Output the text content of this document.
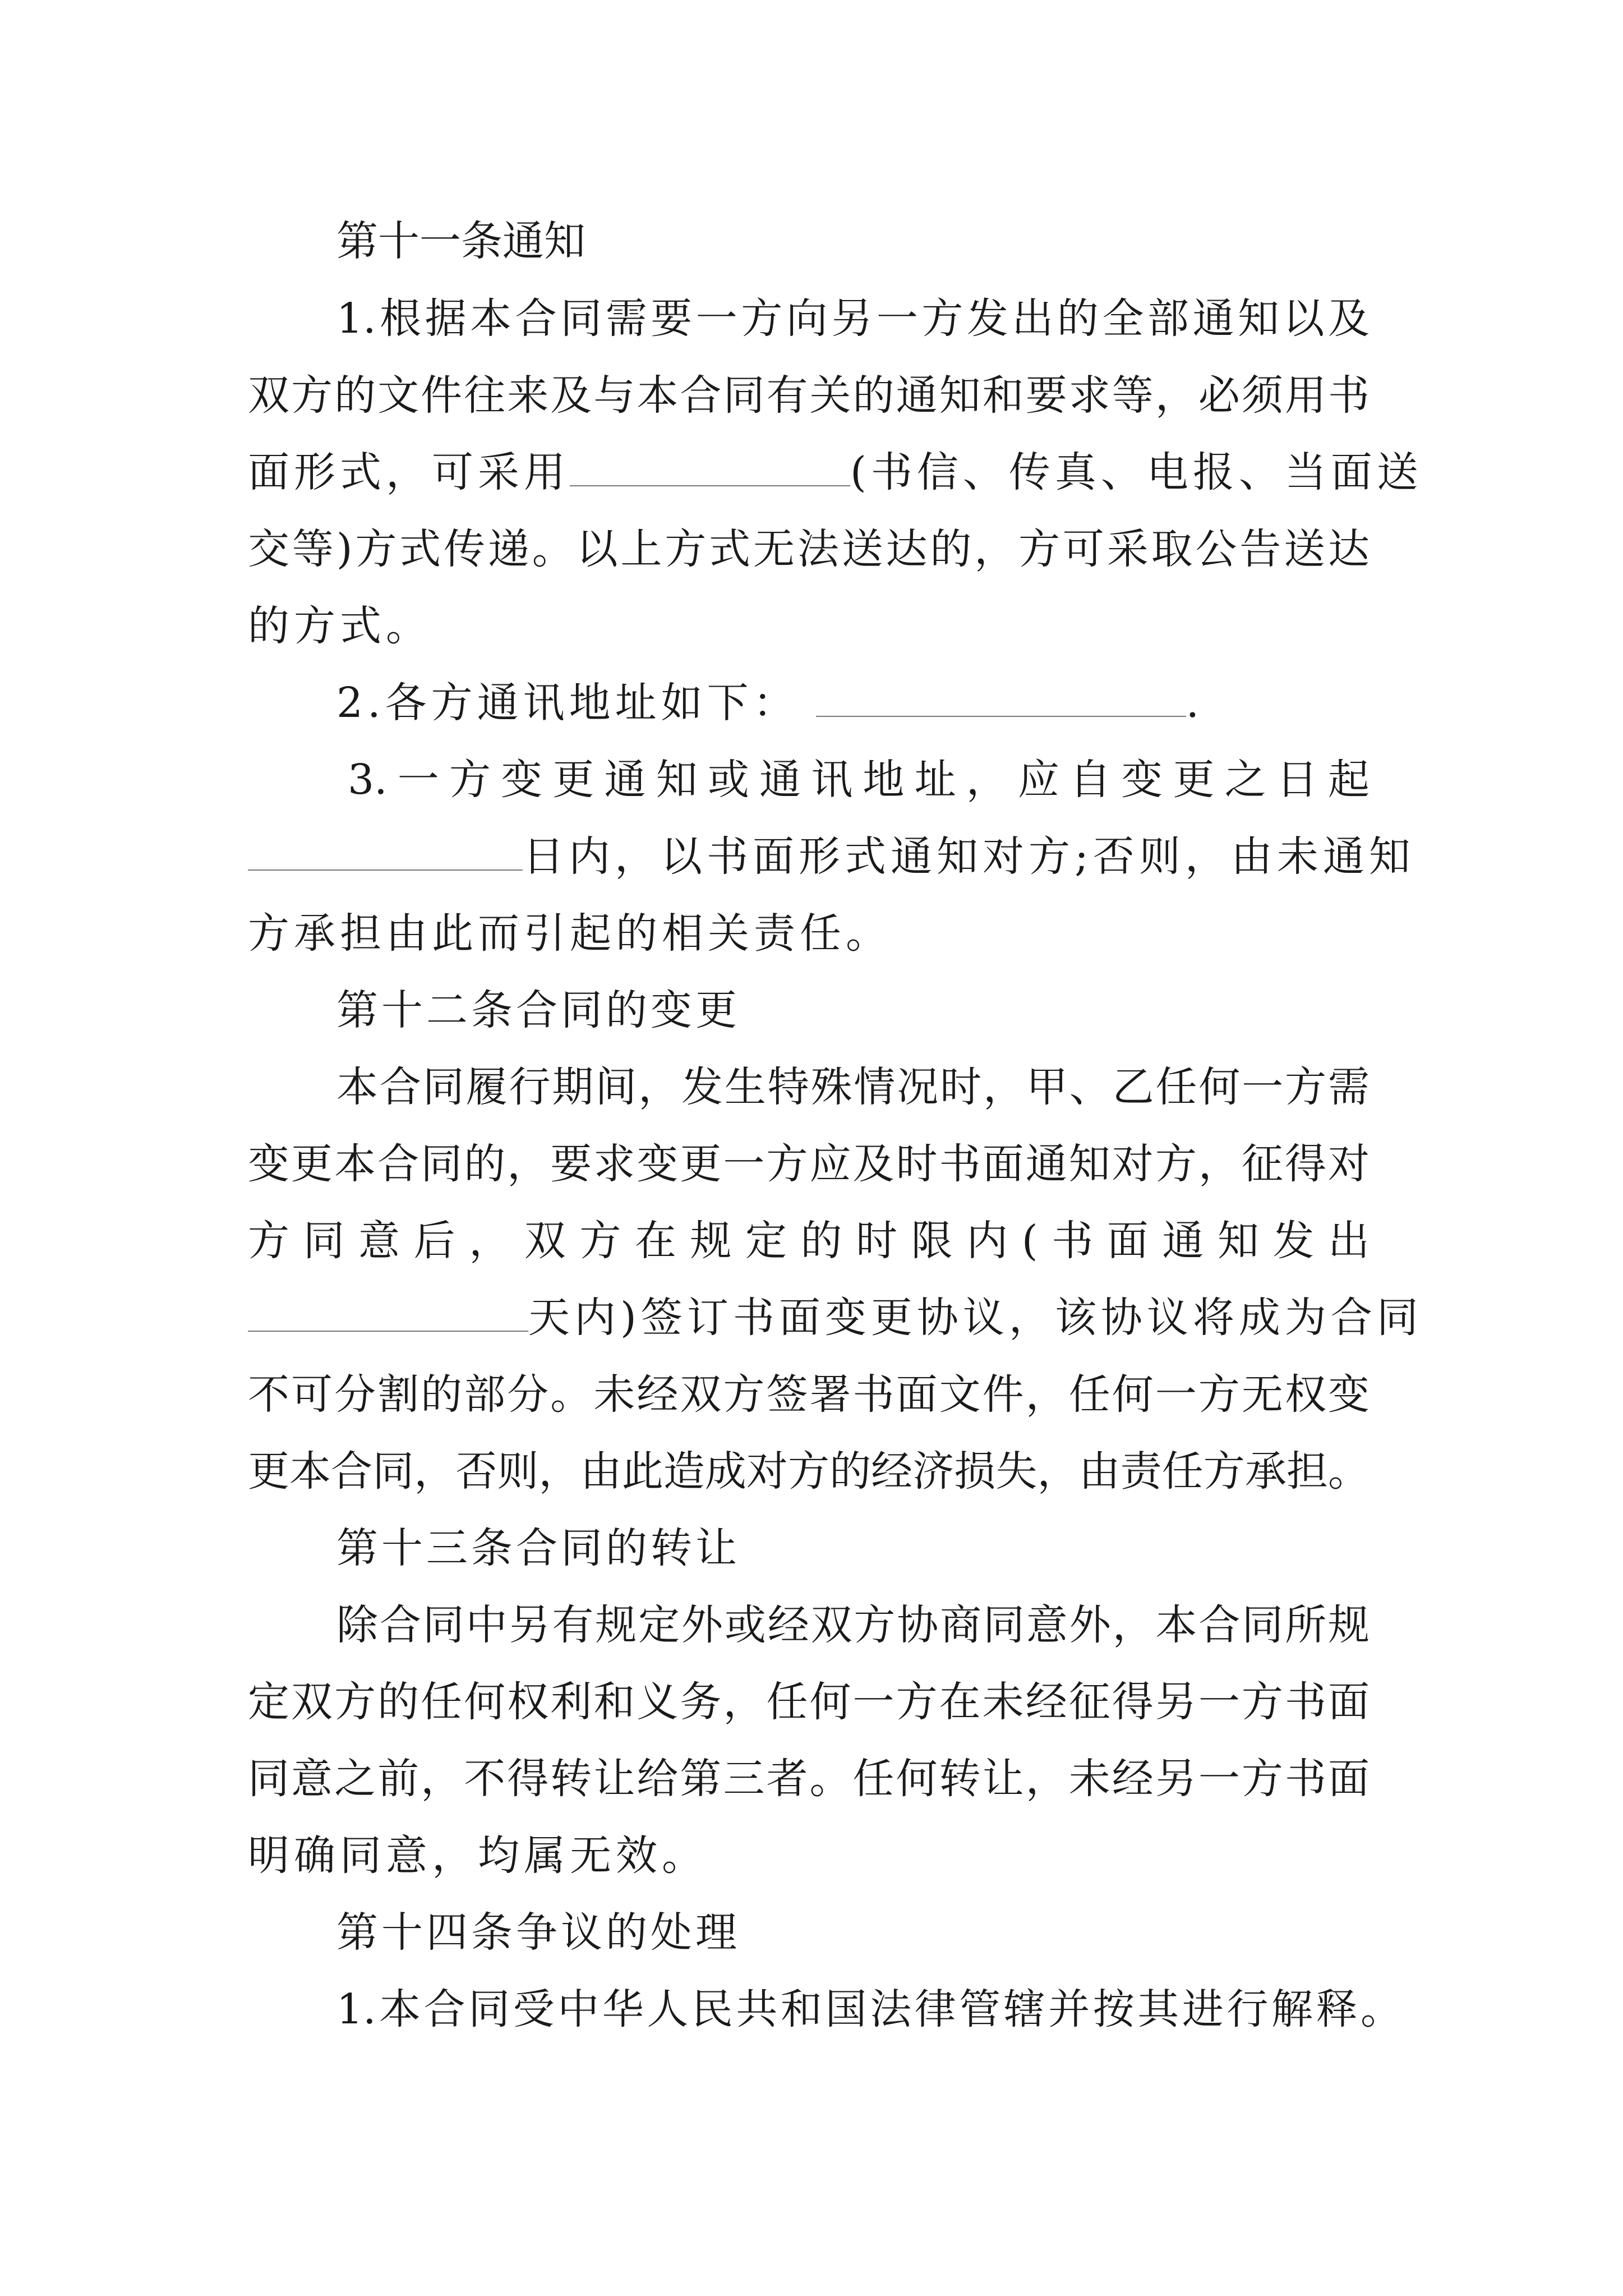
第十一条通知
1.根据本合同需要一方向另一方发出的全部通知以及
双方的文件往来及与本合同有关的通知和要求等，必须用书
面形式，可采用	(书信、传真、电报、当面送
交等)方式传递。以上方式无法送达的，方可采取公告送达
的方式。
2.各方通讯地址如下：	.
3.一方变更通知或通讯地址，应自变更之日起
日内，以书面形式通知对方;否则，由未通知
方承担由此而引起的相关责任。
第十二条合同的变更
本合同履行期间，发生特殊情况时，甲、乙任何一方需
变更本合同的，要求变更一方应及时书面通知对方，征得对
方同意后，双方在规定的时限内(书面通知发出
天内)签订书面变更协议，该协议将成为合同
不可分割的部分。未经双方签署书面文件，任何一方无权变
更本合同，否则，由此造成对方的经济损失，由责任方承担。
第十三条合同的转让
除合同中另有规定外或经双方协商同意外，本合同所规
定双方的任何权利和义务，任何一方在未经征得另一方书面
同意之前，不得转让给第三者。任何转让，未经另一方书面
明确同意，均属无效。
第十四条争议的处理
1.本合同受中华人民共和国法律管辖并按其进行解释。
